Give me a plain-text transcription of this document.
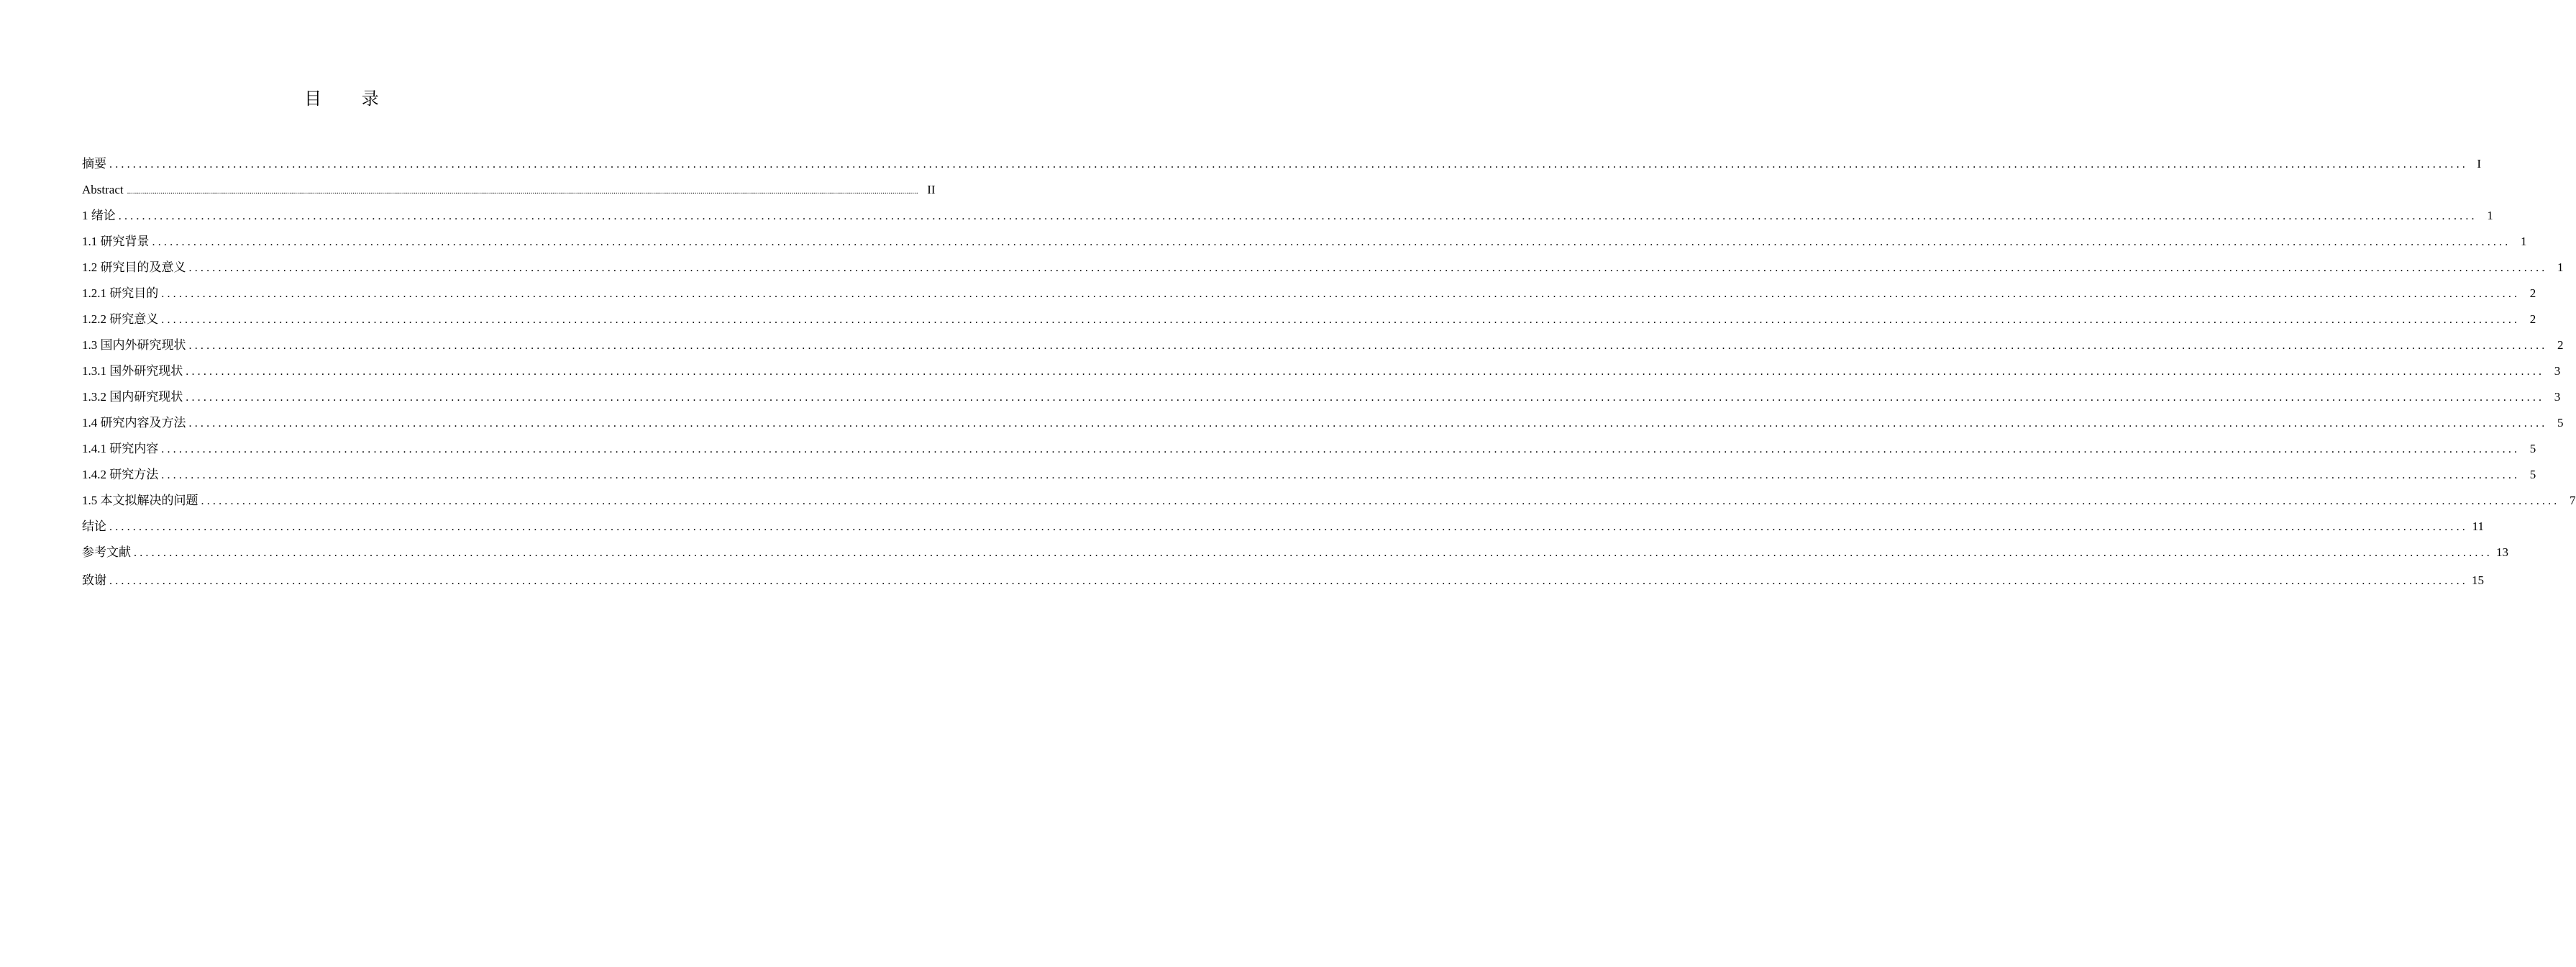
目 录
摘要 ................................................................................................................................................................................................................................................................................................................................................................................................................ I
Abstract ................................................................................................................................................................................................................................................................................................................................................................................................................ II
1 绪论 ................................................................................................................................................................................................................................................................................................................................................................................................................ 1
1.1 研究背景 ................................................................................................................................................................................................................................................................................................................................................................................................................ 1
1.2 研究目的及意义 ................................................................................................................................................................................................................................................................................................................................................................................................................ 1
1.2.1 研究目的 ................................................................................................................................................................................................................................................................................................................................................................................................................ 2
1.2.2 研究意义 ................................................................................................................................................................................................................................................................................................................................................................................................................ 2
1.3 国内外研究现状 ................................................................................................................................................................................................................................................................................................................................................................................................................ 2
1.3.1 国外研究现状 ................................................................................................................................................................................................................................................................................................................................................................................................................ 3
1.3.2 国内研究现状 ................................................................................................................................................................................................................................................................................................................................................................................................................ 3
1.4 研究内容及方法 ................................................................................................................................................................................................................................................................................................................................................................................................................ 5
1.4.1 研究内容 ................................................................................................................................................................................................................................................................................................................................................................................................................ 5
1.4.2 研究方法 ................................................................................................................................................................................................................................................................................................................................................................................................................ 5
1.5 本文拟解决的问题 ................................................................................................................................................................................................................................................................................................................................................................................................................ 7
结论 ................................................................................................................................................................................................................................................................................................................................................................................................................ 11
参考文献 ................................................................................................................................................................................................................................................................................................................................................................................................................ 13
致谢 ................................................................................................................................................................................................................................................................................................................................................................................................................ 15
